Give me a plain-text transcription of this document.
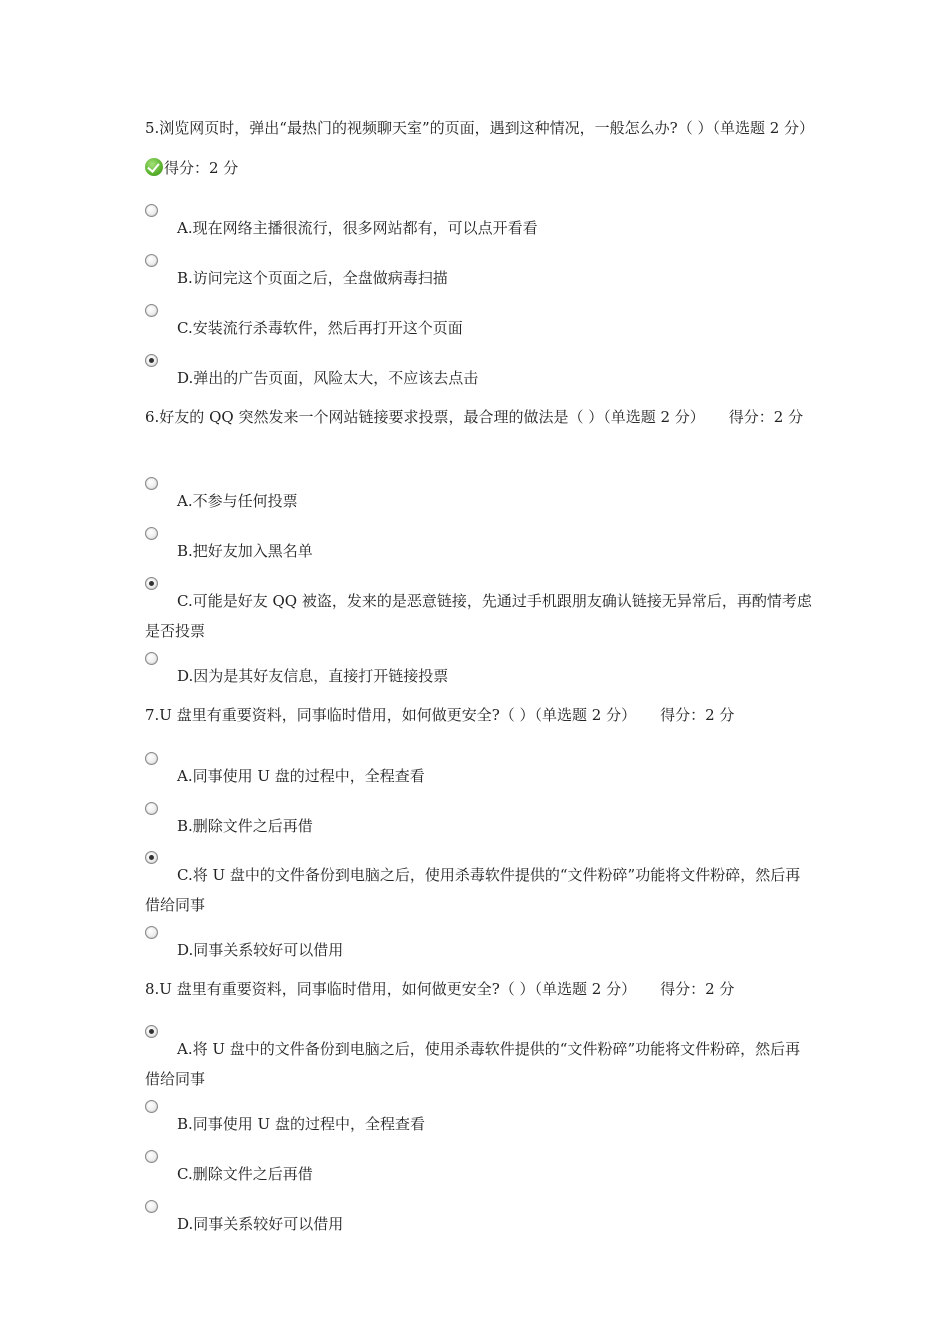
5.浏览网页时，弹出“最热门的视频聊天室”的页面，遇到这种情况，一般怎么办?（ ）（单选题 2 分）得分：2 分
A.现在网络主播很流行，很多网站都有，可以点开看看
B.访问完这个页面之后，全盘做病毒扫描
C.安装流行杀毒软件，然后再打开这个页面
D.弹出的广告页面，风险太大，不应该去点击
6.好友的 QQ 突然发来一个网站链接要求投票，最合理的做法是（ ）（单选题 2 分） 得分：2 分
A.不参与任何投票
B.把好友加入黑名单
C.可能是好友 QQ 被盗，发来的是恶意链接，先通过手机跟朋友确认链接无异常后，再酌情考虑是否投票
D.因为是其好友信息，直接打开链接投票
7.U 盘里有重要资料，同事临时借用，如何做更安全?（ ）（单选题 2 分） 得分：2 分
A.同事使用 U 盘的过程中，全程查看
B.删除文件之后再借
C.将 U 盘中的文件备份到电脑之后，使用杀毒软件提供的“文件粉碎”功能将文件粉碎，然后再借给同事
D.同事关系较好可以借用
8.U 盘里有重要资料，同事临时借用，如何做更安全?（ ）（单选题 2 分） 得分：2 分
A.将 U 盘中的文件备份到电脑之后，使用杀毒软件提供的“文件粉碎”功能将文件粉碎，然后再借给同事
B.同事使用 U 盘的过程中，全程查看
C.删除文件之后再借
D.同事关系较好可以借用
